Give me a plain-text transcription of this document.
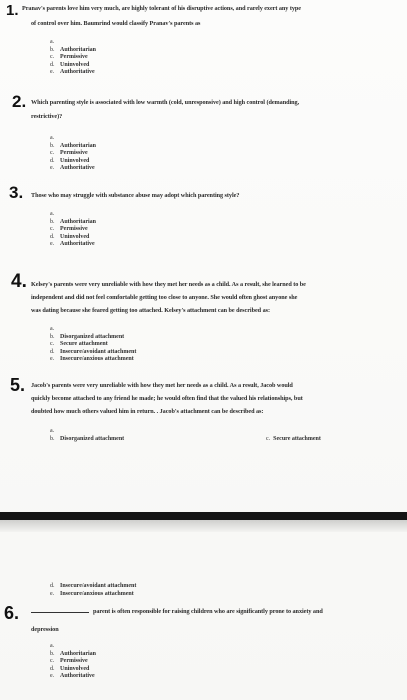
1. Pranav's parents love him very much, are highly tolerant of his disruptive actions, and rarely exert any type
of control over him. Baumrind would classify Pranav's parents as
a.
b. Authoritarian
c. Permissive
d. Uninvolved
e. Authoritative
2. Which parenting style is associated with low warmth (cold, unresponsive) and high control (demanding,
restrictive)?
a.
b. Authoritarian
c. Permissive
d. Uninvolved
e. Authoritative
3. Those who may struggle with substance abuse may adopt which parenting style?
a.
b. Authoritarian
c. Permissive
d. Uninvolved
e. Authoritative
4. Kelsey's parents were very unreliable with how they met her needs as a child. As a result, she learned to be
independent and did not feel comfortable getting too close to anyone. She would often ghost anyone she
was dating because she feared getting too attached. Kelsey's attachment can be described as:
a.
b. Disorganized attachment
c. Secure attachment
d. Insecure/avoidant attachment
e. Insecure/anxious attachment
5. Jacob's parents were very unreliable with how they met her needs as a child. As a result, Jacob would
quickly become attached to any friend he made; he would often find that the valued his relationships, but
doubted how much others valued him in return. . Jacob's attachment can be described as:
a.
b. Disorganized attachment	c. Secure attachment
d. Insecure/avoidant attachment
e. Insecure/anxious attachment
6.	parent is often responsible for raising children who are significantly prone to anxiety and
depression
a.
b. Authoritarian
c. Permissive
d. Uninvolved
e. Authoritative
